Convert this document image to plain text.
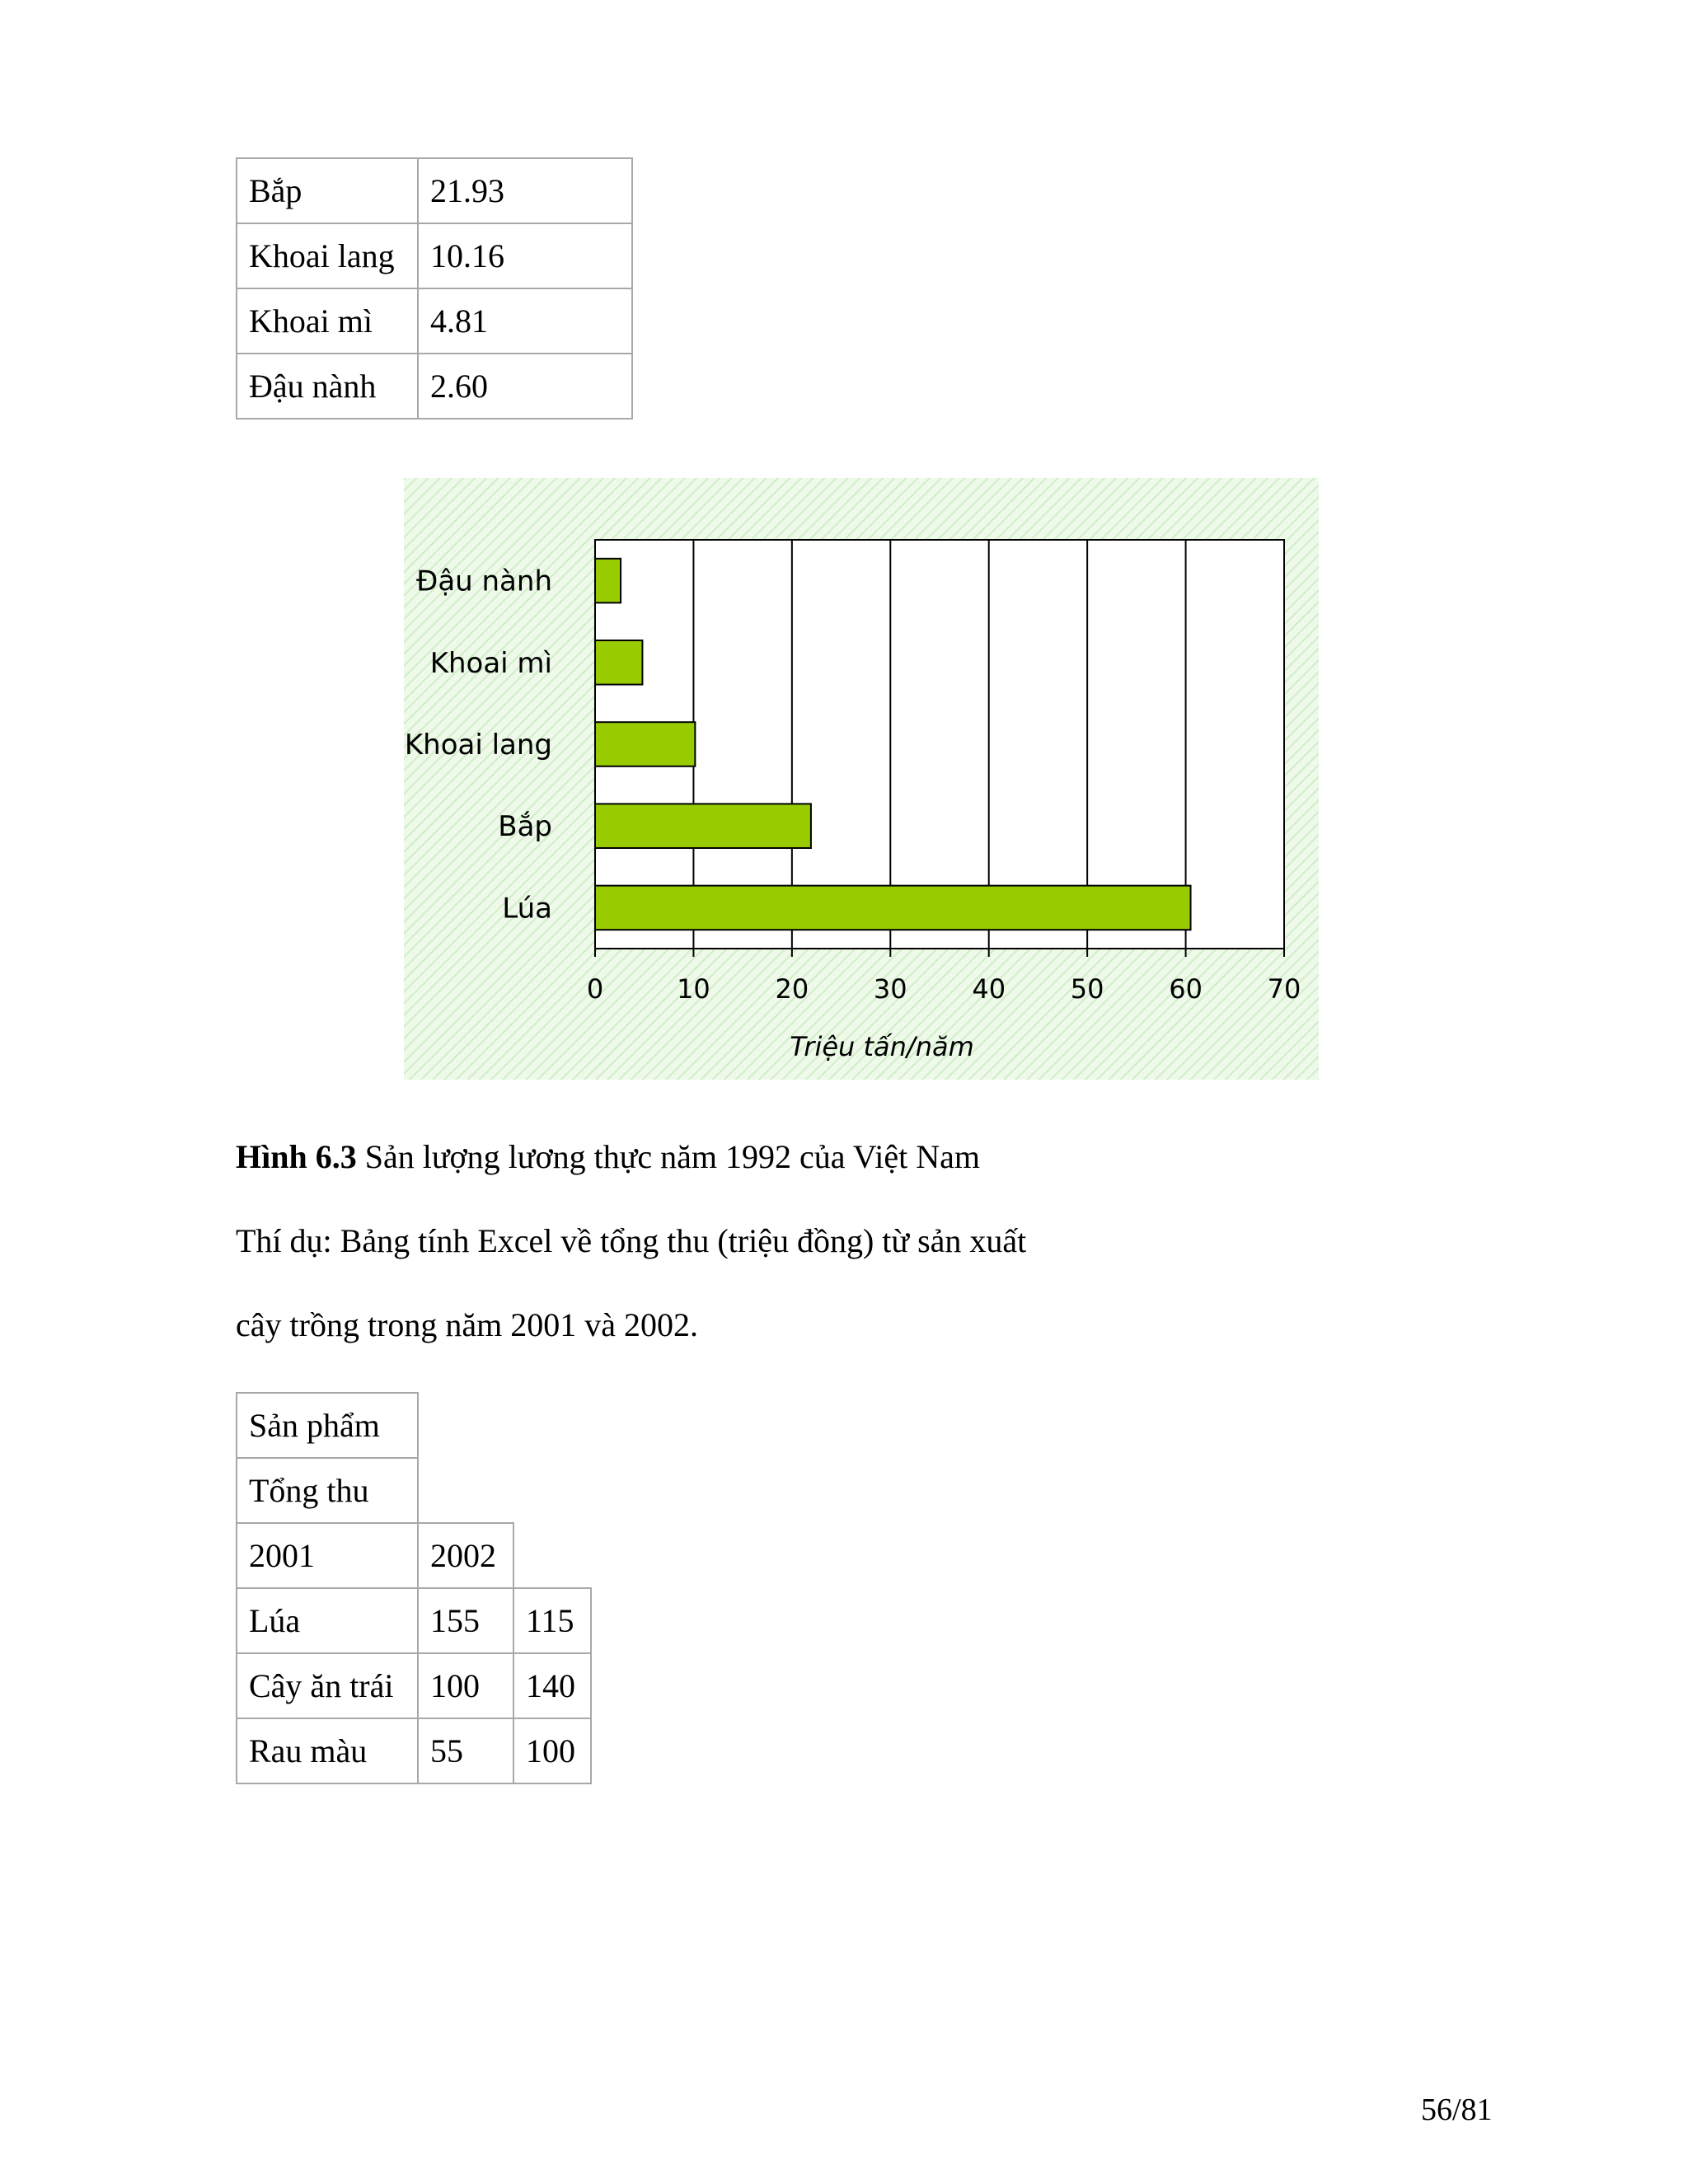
Bắp	21.93
Khoai lang	10.16
Khoai mì	4.81
Đậu nành	2.60
Đậu nành
Khoai mì
Khoai lang
Bắp
Lúa
0	10 20 30 40 50 60 70
Triệu tấn/năm

Hình 6.3 Sản lượng lương thực năm 1992 của Việt Nam

Thí dụ: Bảng tính Excel về tổng thu (triệu đồng) từ sản xuất

cây trồng trong năm 2001 và 2002.

Sản phẩm		
Tổng thu		
2001	2002	
Lúa	155	115
Cây ăn trái	100	140
Rau màu	55	100
56/81
